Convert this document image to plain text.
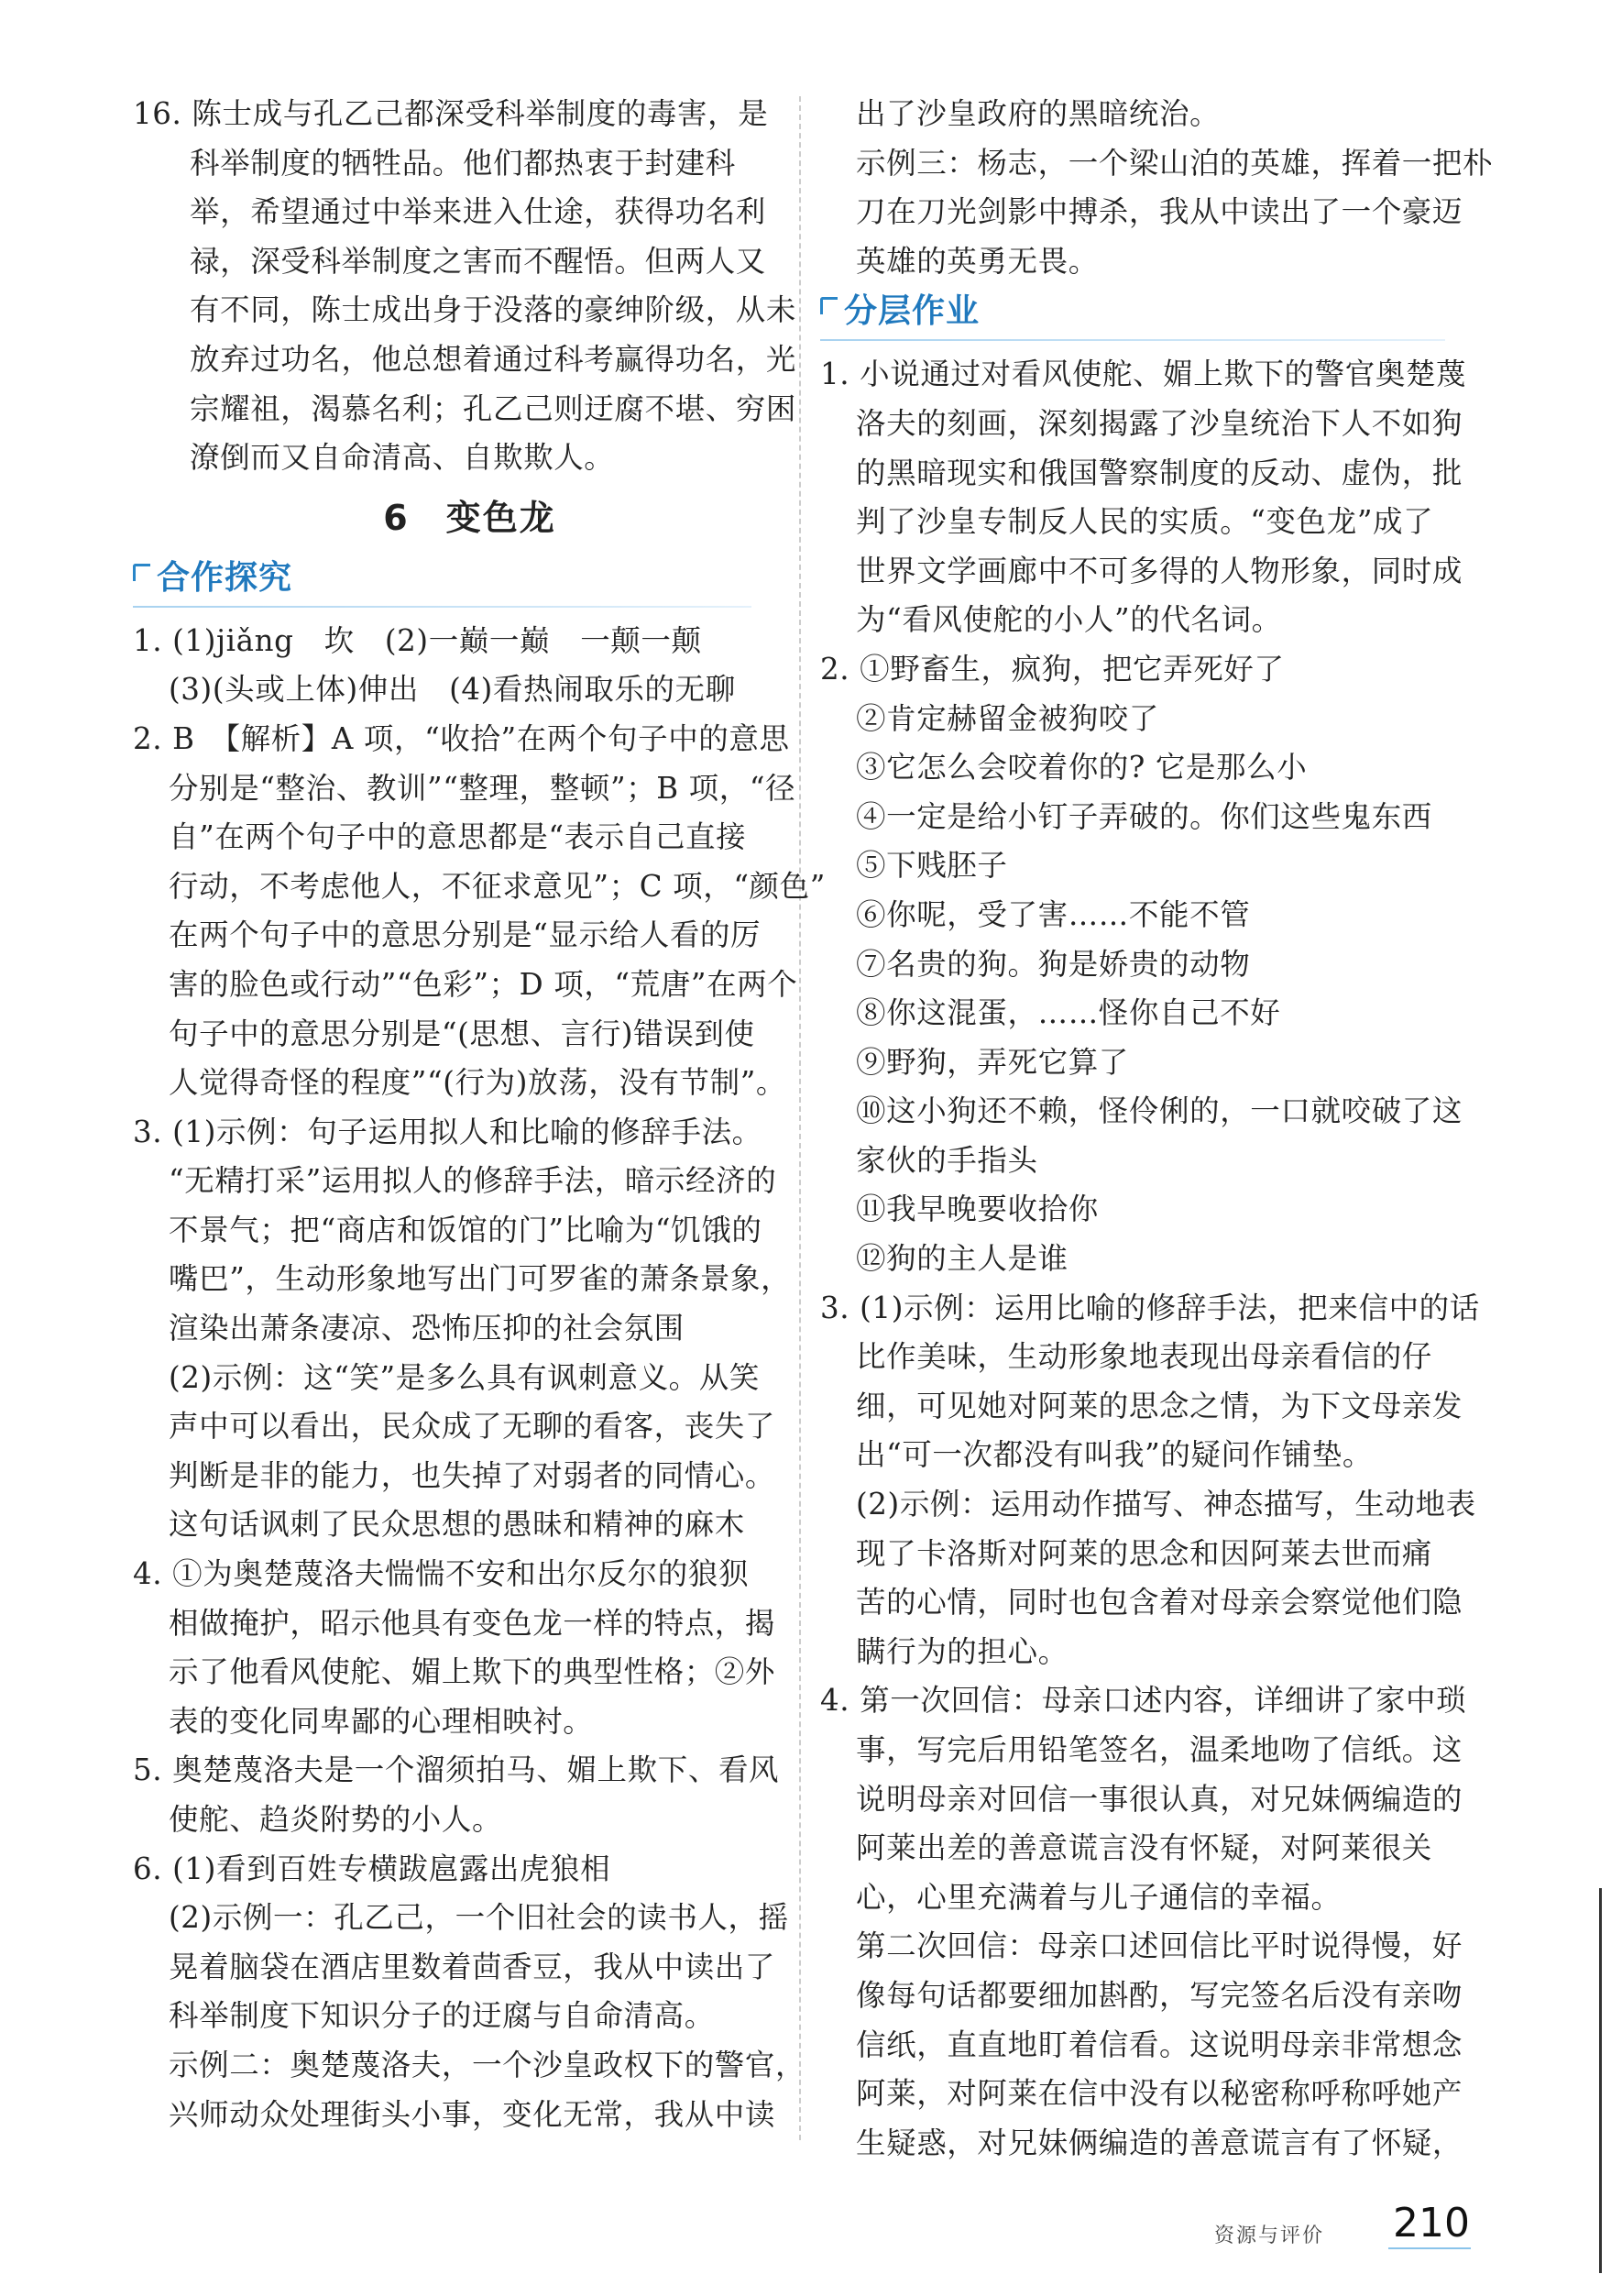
16. 陈士成与孔乙己都深受科举制度的毒害，是
科举制度的牺牲品。他们都热衷于封建科
举，希望通过中举来进入仕途，获得功名利
禄，深受科举制度之害而不醒悟。但两人又
有不同，陈士成出身于没落的豪绅阶级，从未
放弃过功名，他总想着通过科考赢得功名，光
宗耀祖，渴慕名利；孔乙己则迂腐不堪、穷困
潦倒而又自命清高、自欺欺人。
6　变色龙
合作探究
1. (1)jiǎng　坎　(2)一巅一巅　一颠一颠
(3)(头或上体)伸出　(4)看热闹取乐的无聊
2. B　【解析】A 项，“收拾”在两个句子中的意思
分别是“整治、教训”“整理，整顿”；B 项，“径
自”在两个句子中的意思都是“表示自己直接
行动，不考虑他人，不征求意见”；C 项，“颜色”
在两个句子中的意思分别是“显示给人看的厉
害的脸色或行动”“色彩”；D 项，“荒唐”在两个
句子中的意思分别是“(思想、言行)错误到使
人觉得奇怪的程度”“(行为)放荡，没有节制”。
3. (1)示例：句子运用拟人和比喻的修辞手法。
“无精打采”运用拟人的修辞手法，暗示经济的
不景气；把“商店和饭馆的门”比喻为“饥饿的
嘴巴”，生动形象地写出门可罗雀的萧条景象，
渲染出萧条凄凉、恐怖压抑的社会氛围
(2)示例：这“笑”是多么具有讽刺意义。从笑
声中可以看出，民众成了无聊的看客，丧失了
判断是非的能力，也失掉了对弱者的同情心。
这句话讽刺了民众思想的愚昧和精神的麻木
4. ①为奥楚蔑洛夫惴惴不安和出尔反尔的狼狈
相做掩护，昭示他具有变色龙一样的特点，揭
示了他看风使舵、媚上欺下的典型性格；②外
表的变化同卑鄙的心理相映衬。
5. 奥楚蔑洛夫是一个溜须拍马、媚上欺下、看风
使舵、趋炎附势的小人。
6. (1)看到百姓专横跋扈露出虎狼相
(2)示例一：孔乙己，一个旧社会的读书人，摇
晃着脑袋在酒店里数着茴香豆，我从中读出了
科举制度下知识分子的迂腐与自命清高。
示例二：奥楚蔑洛夫，一个沙皇政权下的警官，
兴师动众处理街头小事，变化无常，我从中读
出了沙皇政府的黑暗统治。
示例三：杨志，一个梁山泊的英雄，挥着一把朴
刀在刀光剑影中搏杀，我从中读出了一个豪迈
英雄的英勇无畏。
分层作业
1. 小说通过对看风使舵、媚上欺下的警官奥楚蔑
洛夫的刻画，深刻揭露了沙皇统治下人不如狗
的黑暗现实和俄国警察制度的反动、虚伪，批
判了沙皇专制反人民的实质。“变色龙”成了
世界文学画廊中不可多得的人物形象，同时成
为“看风使舵的小人”的代名词。
2. ①野畜生，疯狗，把它弄死好了
②肯定赫留金被狗咬了
③它怎么会咬着你的? 它是那么小
④一定是给小钉子弄破的。你们这些鬼东西
⑤下贱胚子
⑥你呢，受了害……不能不管
⑦名贵的狗。狗是娇贵的动物
⑧你这混蛋，……怪你自己不好
⑨野狗，弄死它算了
⑩这小狗还不赖，怪伶俐的，一口就咬破了这
家伙的手指头
⑪我早晚要收拾你
⑫狗的主人是谁
3. (1)示例：运用比喻的修辞手法，把来信中的话
比作美味，生动形象地表现出母亲看信的仔
细，可见她对阿莱的思念之情，为下文母亲发
出“可一次都没有叫我”的疑问作铺垫。
(2)示例：运用动作描写、神态描写，生动地表
现了卡洛斯对阿莱的思念和因阿莱去世而痛
苦的心情，同时也包含着对母亲会察觉他们隐
瞒行为的担心。
4. 第一次回信：母亲口述内容，详细讲了家中琐
事，写完后用铅笔签名，温柔地吻了信纸。这
说明母亲对回信一事很认真，对兄妹俩编造的
阿莱出差的善意谎言没有怀疑，对阿莱很关
心，心里充满着与儿子通信的幸福。
第二次回信：母亲口述回信比平时说得慢，好
像每句话都要细加斟酌，写完签名后没有亲吻
信纸，直直地盯着信看。这说明母亲非常想念
阿莱，对阿莱在信中没有以秘密称呼称呼她产
生疑惑，对兄妹俩编造的善意谎言有了怀疑，
资源与评价 210
